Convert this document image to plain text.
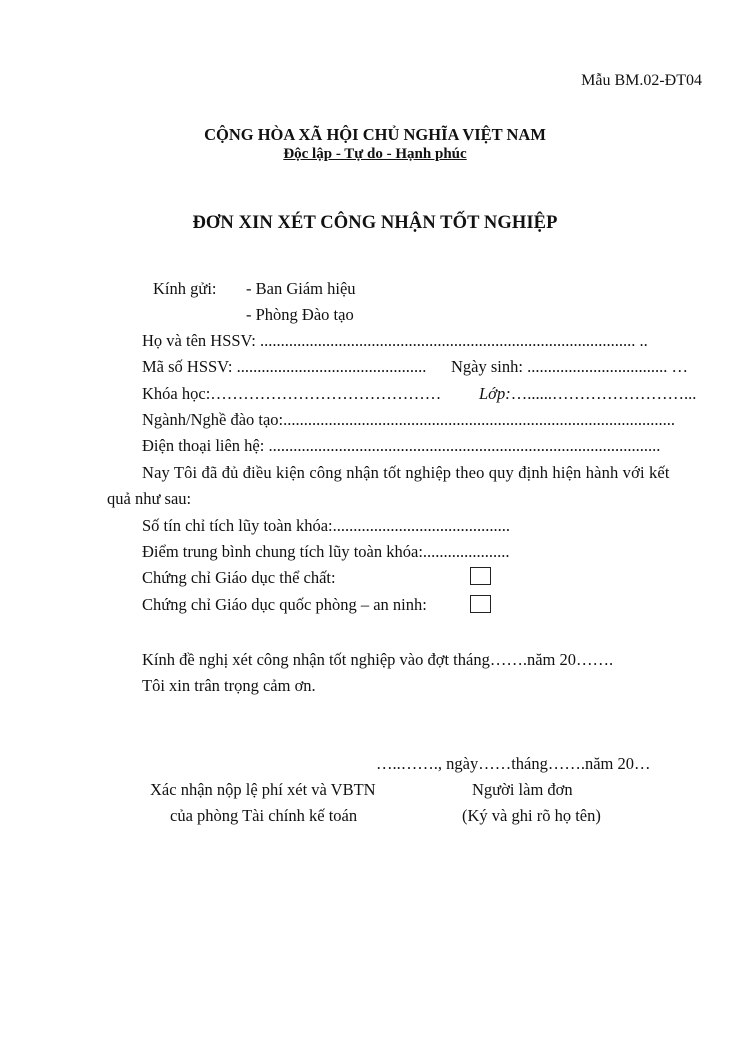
Mẫu BM.02-ĐT04
CỘNG HÒA XÃ HỘI CHỦ NGHĨA VIỆT NAM
Độc lập - Tự do - Hạnh phúc
ĐƠN XIN XÉT CÔNG NHẬN TỐT NGHIỆP
Kính gửi: - Ban Giám hiệu
- Phòng Đào tạo
Họ và tên HSSV: ........................................................................................... ..
Mã số HSSV: .............................................. Ngày sinh: .................................. …
Khóa học:…………………………………… Lớp:…......……………………...
Ngành/Nghề đào tạo:...............................................................................................
Điện thoại liên hệ: ...............................................................................................
Nay Tôi đã đủ điều kiện công nhận tốt nghiệp theo quy định hiện hành với kết
quả như sau:
Số tín chỉ tích lũy toàn khóa:...........................................
Điểm trung bình chung tích lũy toàn khóa:.....................
Chứng chỉ Giáo dục thể chất:
Chứng chỉ Giáo dục quốc phòng – an ninh:
Kính đề nghị xét công nhận tốt nghiệp vào đợt tháng…….năm 20…….
Tôi xin trân trọng cảm ơn.
…..……., ngày……tháng…….năm 20…
Xác nhận nộp lệ phí xét và VBTN
của phòng Tài chính kế toán
Người làm đơn
(Ký và ghi rõ họ tên)
